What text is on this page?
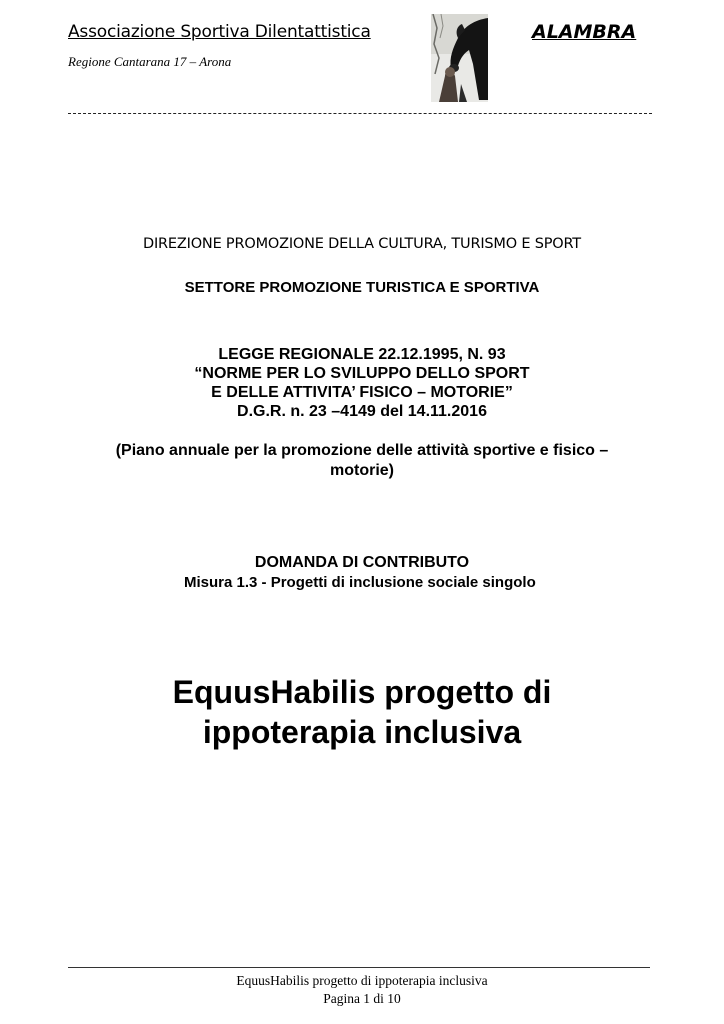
Associazione Sportiva Dilentattistica
Regione Cantarana 17 – Arona
ALAMBRA
DIREZIONE PROMOZIONE DELLA CULTURA, TURISMO E SPORT
SETTORE PROMOZIONE TURISTICA E SPORTIVA
LEGGE REGIONALE 22.12.1995, N. 93
“NORME PER LO SVILUPPO DELLO SPORT
E DELLE ATTIVITA’ FISICO – MOTORIE”
D.G.R. n. 23 –4149 del 14.11.2016
(Piano annuale per la promozione delle attività sportive e fisico – motorie)
DOMANDA DI CONTRIBUTO
Misura 1.3 - Progetti di inclusione sociale singolo
EquusHabilis progetto di
ippoterapia inclusiva
EquusHabilis progetto di ippoterapia inclusiva
Pagina 1 di 10
